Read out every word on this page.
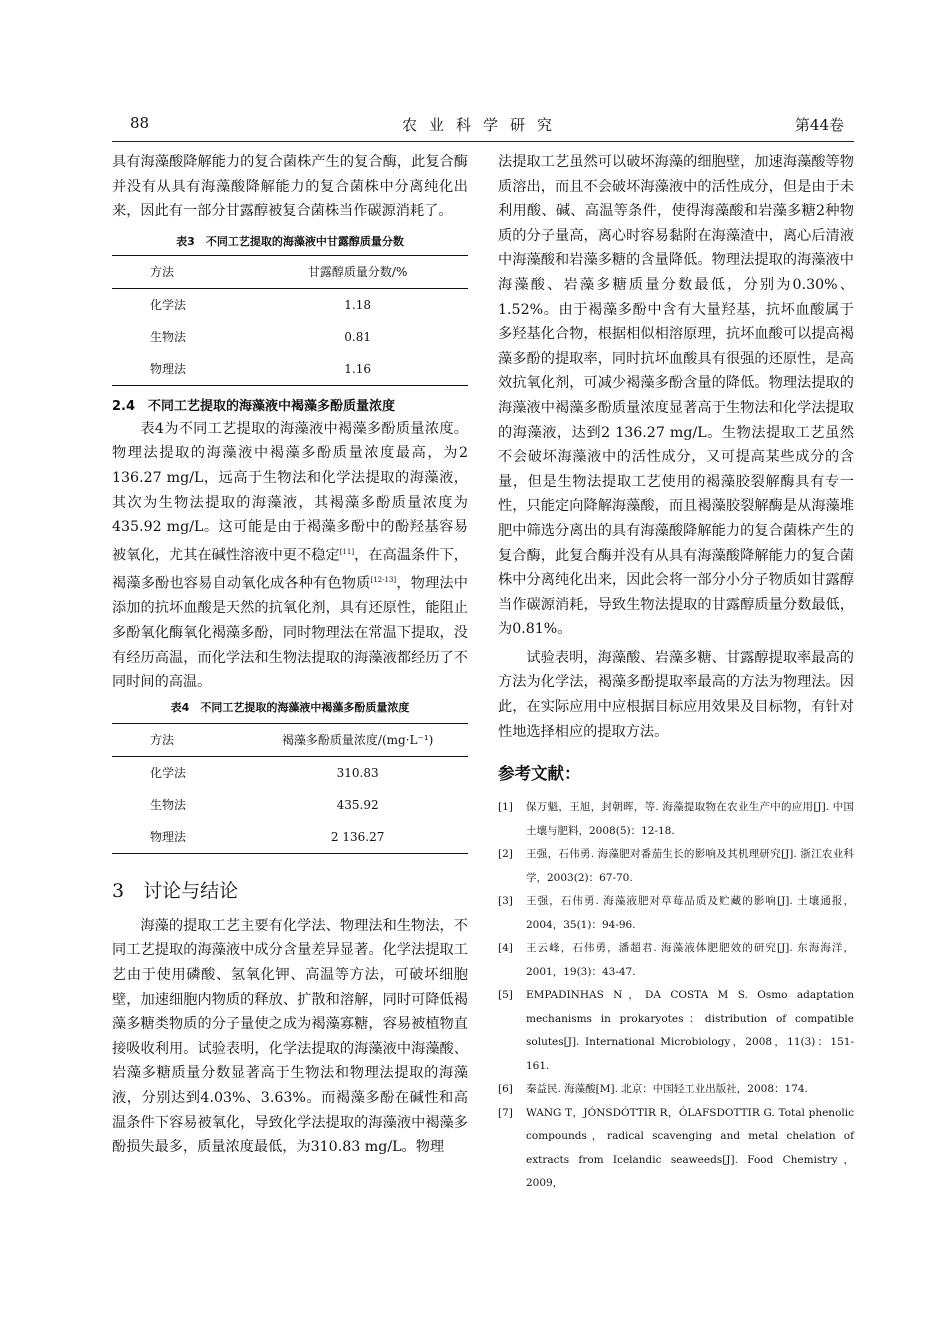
88	农业科学研究	第44卷

具有海藻酸降解能力的复合菌株产生的复合酶，此复合酶并没有从具有海藻酸降解能力的复合菌株中分离纯化出来，因此有一部分甘露醇被复合菌株当作碳源消耗了。

表3　不同工艺提取的海藻液中甘露醇质量分数
方法	甘露醇质量分数/%
化学法	1.18
生物法	0.81
物理法	1.16
2.4　不同工艺提取的海藻液中褐藻多酚质量浓度

表4为不同工艺提取的海藻液中褐藻多酚质量浓度。物理法提取的海藻液中褐藻多酚质量浓度最高，为2 136.27 mg/L，远高于生物法和化学法提取的海藻液，其次为生物法提取的海藻液，其褐藻多酚质量浓度为435.92 mg/L。这可能是由于褐藻多酚中的酚羟基容易被氧化，尤其在碱性溶液中更不稳定[11]，在高温条件下，褐藻多酚也容易自动氧化成各种有色物质[12-13]，物理法中添加的抗坏血酸是天然的抗氧化剂，具有还原性，能阻止多酚氧化酶氧化褐藻多酚，同时物理法在常温下提取，没有经历高温，而化学法和生物法提取的海藻液都经历了不同时间的高温。

表4　不同工艺提取的海藻液中褐藻多酚质量浓度
方法	褐藻多酚质量浓度/(mg·L⁻¹)
化学法	310.83
生物法	435.92
物理法	2 136.27
3　讨论与结论

海藻的提取工艺主要有化学法、物理法和生物法，不同工艺提取的海藻液中成分含量差异显著。化学法提取工艺由于使用磷酸、氢氧化钾、高温等方法，可破坏细胞壁，加速细胞内物质的释放、扩散和溶解，同时可降低褐藻多糖类物质的分子量使之成为褐藻寡糖，容易被植物直接吸收利用。试验表明，化学法提取的海藻液中海藻酸、岩藻多糖质量分数显著高于生物法和物理法提取的海藻液，分别达到4.03%、3.63%。而褐藻多酚在碱性和高温条件下容易被氧化，导致化学法提取的海藻液中褐藻多酚损失最多，质量浓度最低，为310.83 mg/L。物理

法提取工艺虽然可以破坏海藻的细胞壁，加速海藻酸等物质溶出，而且不会破坏海藻液中的活性成分，但是由于未利用酸、碱、高温等条件，使得海藻酸和岩藻多糖2种物质的分子量高，离心时容易黏附在海藻渣中，离心后清液中海藻酸和岩藻多糖的含量降低。物理法提取的海藻液中海藻酸、岩藻多糖质量分数最低，分别为0.30%、1.52%。由于褐藻多酚中含有大量羟基，抗坏血酸属于多羟基化合物，根据相似相溶原理，抗坏血酸可以提高褐藻多酚的提取率，同时抗坏血酸具有很强的还原性，是高效抗氧化剂，可减少褐藻多酚含量的降低。物理法提取的海藻液中褐藻多酚质量浓度显著高于生物法和化学法提取的海藻液，达到2 136.27 mg/L。生物法提取工艺虽然不会破坏海藻液中的活性成分，又可提高某些成分的含量，但是生物法提取工艺使用的褐藻胶裂解酶具有专一性，只能定向降解海藻酸，而且褐藻胶裂解酶是从海藻堆肥中筛选分离出的具有海藻酸降解能力的复合菌株产生的复合酶，此复合酶并没有从具有海藻酸降解能力的复合菌株中分离纯化出来，因此会将一部分小分子物质如甘露醇当作碳源消耗，导致生物法提取的甘露醇质量分数最低，为0.81%。

试验表明，海藻酸、岩藻多糖、甘露醇提取率最高的方法为化学法，褐藻多酚提取率最高的方法为物理法。因此，在实际应用中应根据目标应用效果及目标物，有针对性地选择相应的提取方法。

参考文献：
[1] 保万魁，王旭，封朝晖，等. 海藻提取物在农业生产中的应用[J]. 中国土壤与肥料，2008(5)：12-18.
[2] 王强，石伟勇. 海藻肥对番茄生长的影响及其机理研究[J]. 浙江农业科学，2003(2)：67-70.
[3] 王强，石伟勇. 海藻液肥对草莓品质及贮藏的影响[J]. 土壤通报，2004，35(1)：94-96.
[4] 王云峰，石伟勇，潘超君. 海藻液体肥肥效的研究[J]. 东海海洋，2001，19(3)：43-47.
[5] EMPADINHAS N，DA COSTA M S. Osmo adaptation mechanisms in prokaryotes：distribution of compatible solutes[J]. International Microbiology，2008，11(3)：151-161.
[6] 秦益民. 海藻酸[M]. 北京：中国轻工业出版社，2008：174.
[7] WANG T，JÓNSDÓTTIR R，ÓLAFSDOTTIR G. Total phenolic compounds，radical scavenging and metal chelation of extracts from Icelandic seaweeds[J]. Food Chemistry，2009，
